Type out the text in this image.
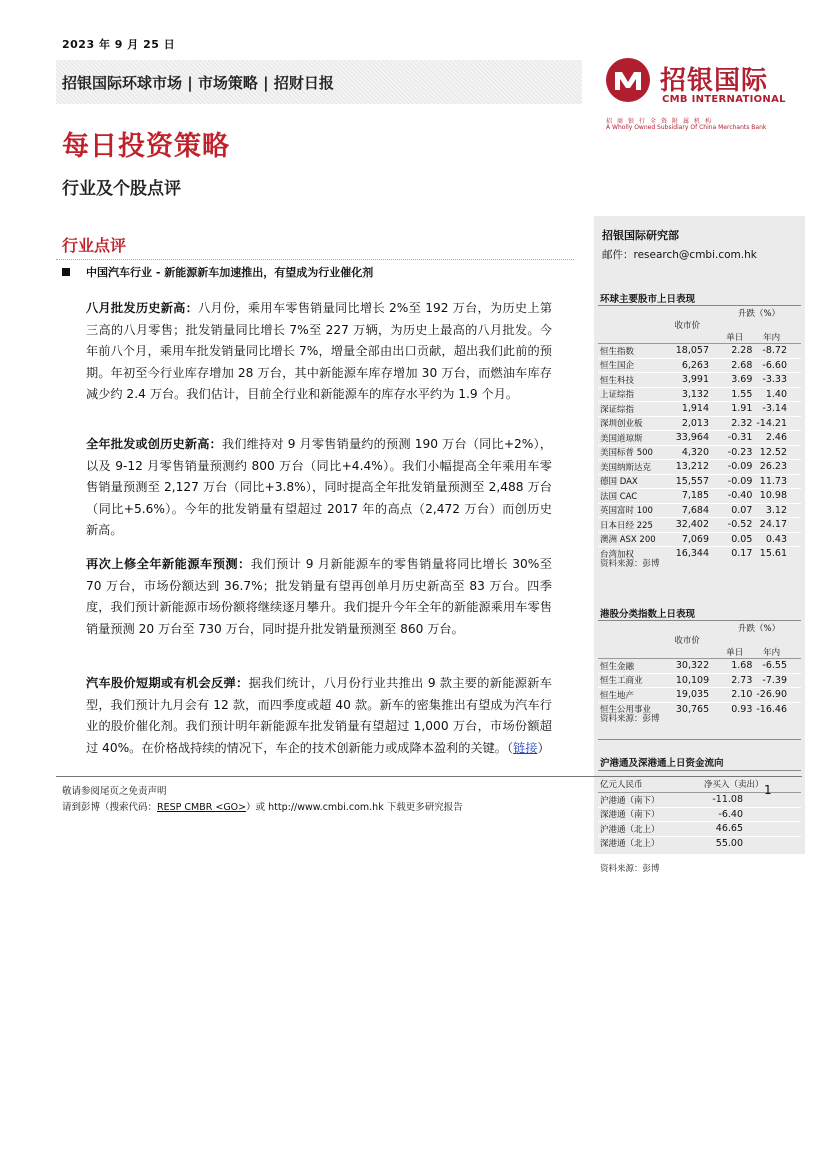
2023 年 9 月 25 日
招银国际环球市场 | 市场策略 | 招财日报	招银国际
CMB INTERNATIONAL
招商银行全资附属机构
A Wholly Owned Subsidiary Of China Merchants Bank
每日投资策略
行业及个股点评
行业点评
中国汽车行业 - 新能源新车加速推出，有望成为行业催化剂
八月批发历史新高：八月份，乘用车零售销量同比增长 2%至 192 万台，为历史上第三高的八月零售；批发销量同比增长 7%至 227 万辆，为历史上最高的八月批发。今年前八个月，乘用车批发销量同比增长 7%，增量全部由出口贡献，超出我们此前的预期。年初至今行业库存增加 28 万台，其中新能源车库存增加 30 万台，而燃油车库存减少约 2.4 万台。我们估计，目前全行业和新能源车的库存水平约为 1.9 个月。
全年批发或创历史新高：我们维持对 9 月零售销量约的预测 190 万台（同比+2%），以及 9-12 月零售销量预测约 800 万台（同比+4.4%）。我们小幅提高全年乘用车零售销量预测至 2,127 万台（同比+3.8%），同时提高全年批发销量预测至 2,488 万台（同比+5.6%）。今年的批发销量有望超过 2017 年的高点（2,472 万台）而创历史新高。
再次上修全年新能源车预测：我们预计 9 月新能源车的零售销量将同比增长 30%至 70 万台，市场份额达到 36.7%；批发销量有望再创单月历史新高至 83 万台。四季度，我们预计新能源市场份额将继续逐月攀升。我们提升今年全年的新能源乘用车零售销量预测 20 万台至 730 万台，同时提升批发销量预测至 860 万台。
汽车股价短期或有机会反弹：据我们统计，八月份行业共推出 9 款主要的新能源新车型，我们预计九月会有 12 款，而四季度或超 40 款。新车的密集推出有望成为汽车行业的股价催化剂。我们预计明年新能源车批发销量有望超过 1,000 万台，市场份额超过 40%。在价格战持续的情况下，车企的技术创新能力或成降本盈利的关键。（链接）
招银国际研究部
邮件：research@cmbi.com.hk
环球主要股市上日表现
		升跌（%）	
	收市价		
		单日	年内
恒生指数	18,057	2.28	-8.72
恒生国企	6,263	2.68	-6.60
恒生科技	3,991	3.69	-3.33
上证综指	3,132	1.55	1.40
深证综指	1,914	1.91	-3.14
深圳创业板	2,013	2.32	-14.21
美国道琼斯	33,964	-0.31	2.46
美国标普 500	4,320	-0.23	12.52
美国纳斯达克	13,212	-0.09	26.23
德国 DAX	15,557	-0.09	11.73
法国 CAC	7,185	-0.40	10.98
英国富时 100	7,684	0.07	3.12
日本日经 225	32,402	-0.52	24.17
澳洲 ASX 200	7,069	0.05	0.43
台湾加权	16,344	0.17	15.61
资料来源：彭博
港股分类指数上日表现
		升跌（%）	
	收市价		
		单日	年内
恒生金融	30,322	1.68	-6.55
恒生工商业	10,109	2.73	-7.39
恒生地产	19,035	2.10	-26.90
恒生公用事业	30,765	0.93	-16.46
资料来源：彭博
沪港通及深港通上日资金流向
亿元人民币	净买入（卖出）
沪港通（南下）	-11.08
深港通（南下）	-6.40
沪港通（北上）	46.65
深港通（北上）	55.00
资料来源：彭博
敬请参阅尾页之免责声明
请到彭博（搜索代码：RESP CMBR <GO>）或 http://www.cmbi.com.hk 下载更多研究报告
1
